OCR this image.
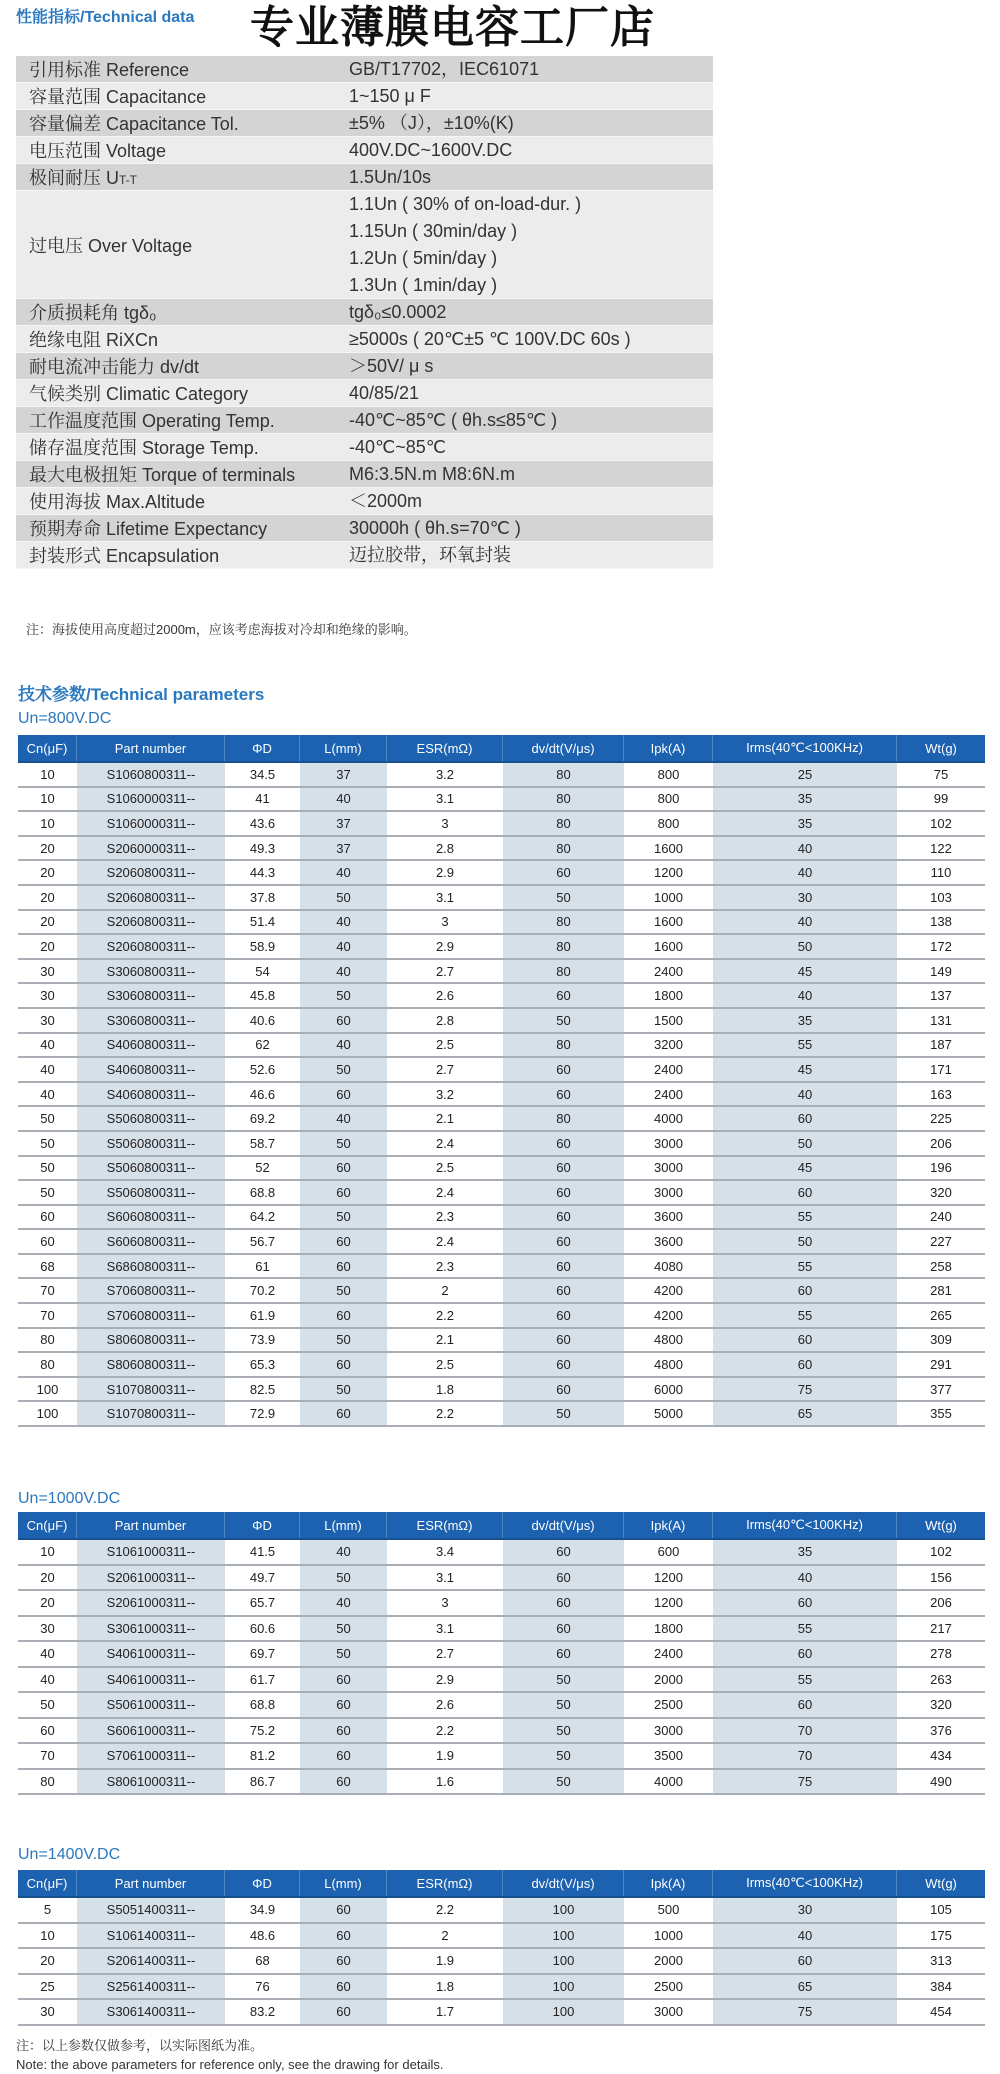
性能指标/Technical data 专业薄膜电容工厂店
引用标准 Reference	GB/T17702，IEC61071
容量范围 Capacitance	1~150 μ F
容量偏差 Capacitance Tol.	±5% （J），±10%(K)
电压范围 Voltage	400V.DC~1600V.DC
极间耐压 UT-T	1.5Un/10s
过电压 Over Voltage
1.1Un ( 30% of on-load-dur. )
1.15Un ( 30min/day )
1.2Un ( 5min/day )
1.3Un ( 1min/day )
介质损耗角 tgδ₀	tgδ₀≤0.0002
绝缘电阻 RiXCn	≥5000s ( 20℃±5 ℃ 100V.DC 60s )
耐电流冲击能力 dv/dt	＞50V/ μ s
气候类别 Climatic Category	40/85/21
工作温度范围 Operating Temp.	-40℃~85℃ ( θh.s≤85℃ )
储存温度范围 Storage Temp.	-40℃~85℃
最大电极扭矩 Torque of terminals	M6:3.5N.m M8:6N.m
使用海拔 Max.Altitude	＜2000m
预期寿命 Lifetime Expectancy	30000h ( θh.s=70℃ )
封装形式 Encapsulation	迈拉胶带，环氧封装
注：海拔使用高度超过2000m，应该考虑海拔对冷却和绝缘的影响。
技术参数/Technical parameters
Un=800V.DC
Cn(μF)	Part number	ΦD	L(mm)	ESR(mΩ)	dv/dt(V/μs)	Ipk(A)	Irms(40℃<100KHz)	Wt(g)
10	S1060800311--	34.5	37	3.2	80	800	25	75
10	S1060000311--	41	40	3.1	80	800	35	99
10	S1060000311--	43.6	37	3	80	800	35	102
20	S2060000311--	49.3	37	2.8	80	1600	40	122
20	S2060800311--	44.3	40	2.9	60	1200	40	110
20	S2060800311--	37.8	50	3.1	50	1000	30	103
20	S2060800311--	51.4	40	3	80	1600	40	138
20	S2060800311--	58.9	40	2.9	80	1600	50	172
30	S3060800311--	54	40	2.7	80	2400	45	149
30	S3060800311--	45.8	50	2.6	60	1800	40	137
30	S3060800311--	40.6	60	2.8	50	1500	35	131
40	S4060800311--	62	40	2.5	80	3200	55	187
40	S4060800311--	52.6	50	2.7	60	2400	45	171
40	S4060800311--	46.6	60	3.2	60	2400	40	163
50	S5060800311--	69.2	40	2.1	80	4000	60	225
50	S5060800311--	58.7	50	2.4	60	3000	50	206
50	S5060800311--	52	60	2.5	60	3000	45	196
50	S5060800311--	68.8	60	2.4	60	3000	60	320
60	S6060800311--	64.2	50	2.3	60	3600	55	240
60	S6060800311--	56.7	60	2.4	60	3600	50	227
68	S6860800311--	61	60	2.3	60	4080	55	258
70	S7060800311--	70.2	50	2	60	4200	60	281
70	S7060800311--	61.9	60	2.2	60	4200	55	265
80	S8060800311--	73.9	50	2.1	60	4800	60	309
80	S8060800311--	65.3	60	2.5	60	4800	60	291
100	S1070800311--	82.5	50	1.8	60	6000	75	377
100	S1070800311--	72.9	60	2.2	50	5000	65	355
Un=1000V.DC
Cn(μF)	Part number	ΦD	L(mm)	ESR(mΩ)	dv/dt(V/μs)	Ipk(A)	Irms(40℃<100KHz)	Wt(g)
10	S1061000311--	41.5	40	3.4	60	600	35	102
20	S2061000311--	49.7	50	3.1	60	1200	40	156
20	S2061000311--	65.7	40	3	60	1200	60	206
30	S3061000311--	60.6	50	3.1	60	1800	55	217
40	S4061000311--	69.7	50	2.7	60	2400	60	278
40	S4061000311--	61.7	60	2.9	50	2000	55	263
50	S5061000311--	68.8	60	2.6	50	2500	60	320
60	S6061000311--	75.2	60	2.2	50	3000	70	376
70	S7061000311--	81.2	60	1.9	50	3500	70	434
80	S8061000311--	86.7	60	1.6	50	4000	75	490
Un=1400V.DC
Cn(μF)	Part number	ΦD	L(mm)	ESR(mΩ)	dv/dt(V/μs)	Ipk(A)	Irms(40℃<100KHz)	Wt(g)
5	S5051400311--	34.9	60	2.2	100	500	30	105
10	S1061400311--	48.6	60	2	100	1000	40	175
20	S2061400311--	68	60	1.9	100	2000	60	313
25	S2561400311--	76	60	1.8	100	2500	65	384
30	S3061400311--	83.2	60	1.7	100	3000	75	454
注：以上参数仅做参考，以实际图纸为准。
Note: the above parameters for reference only, see the drawing for details.
